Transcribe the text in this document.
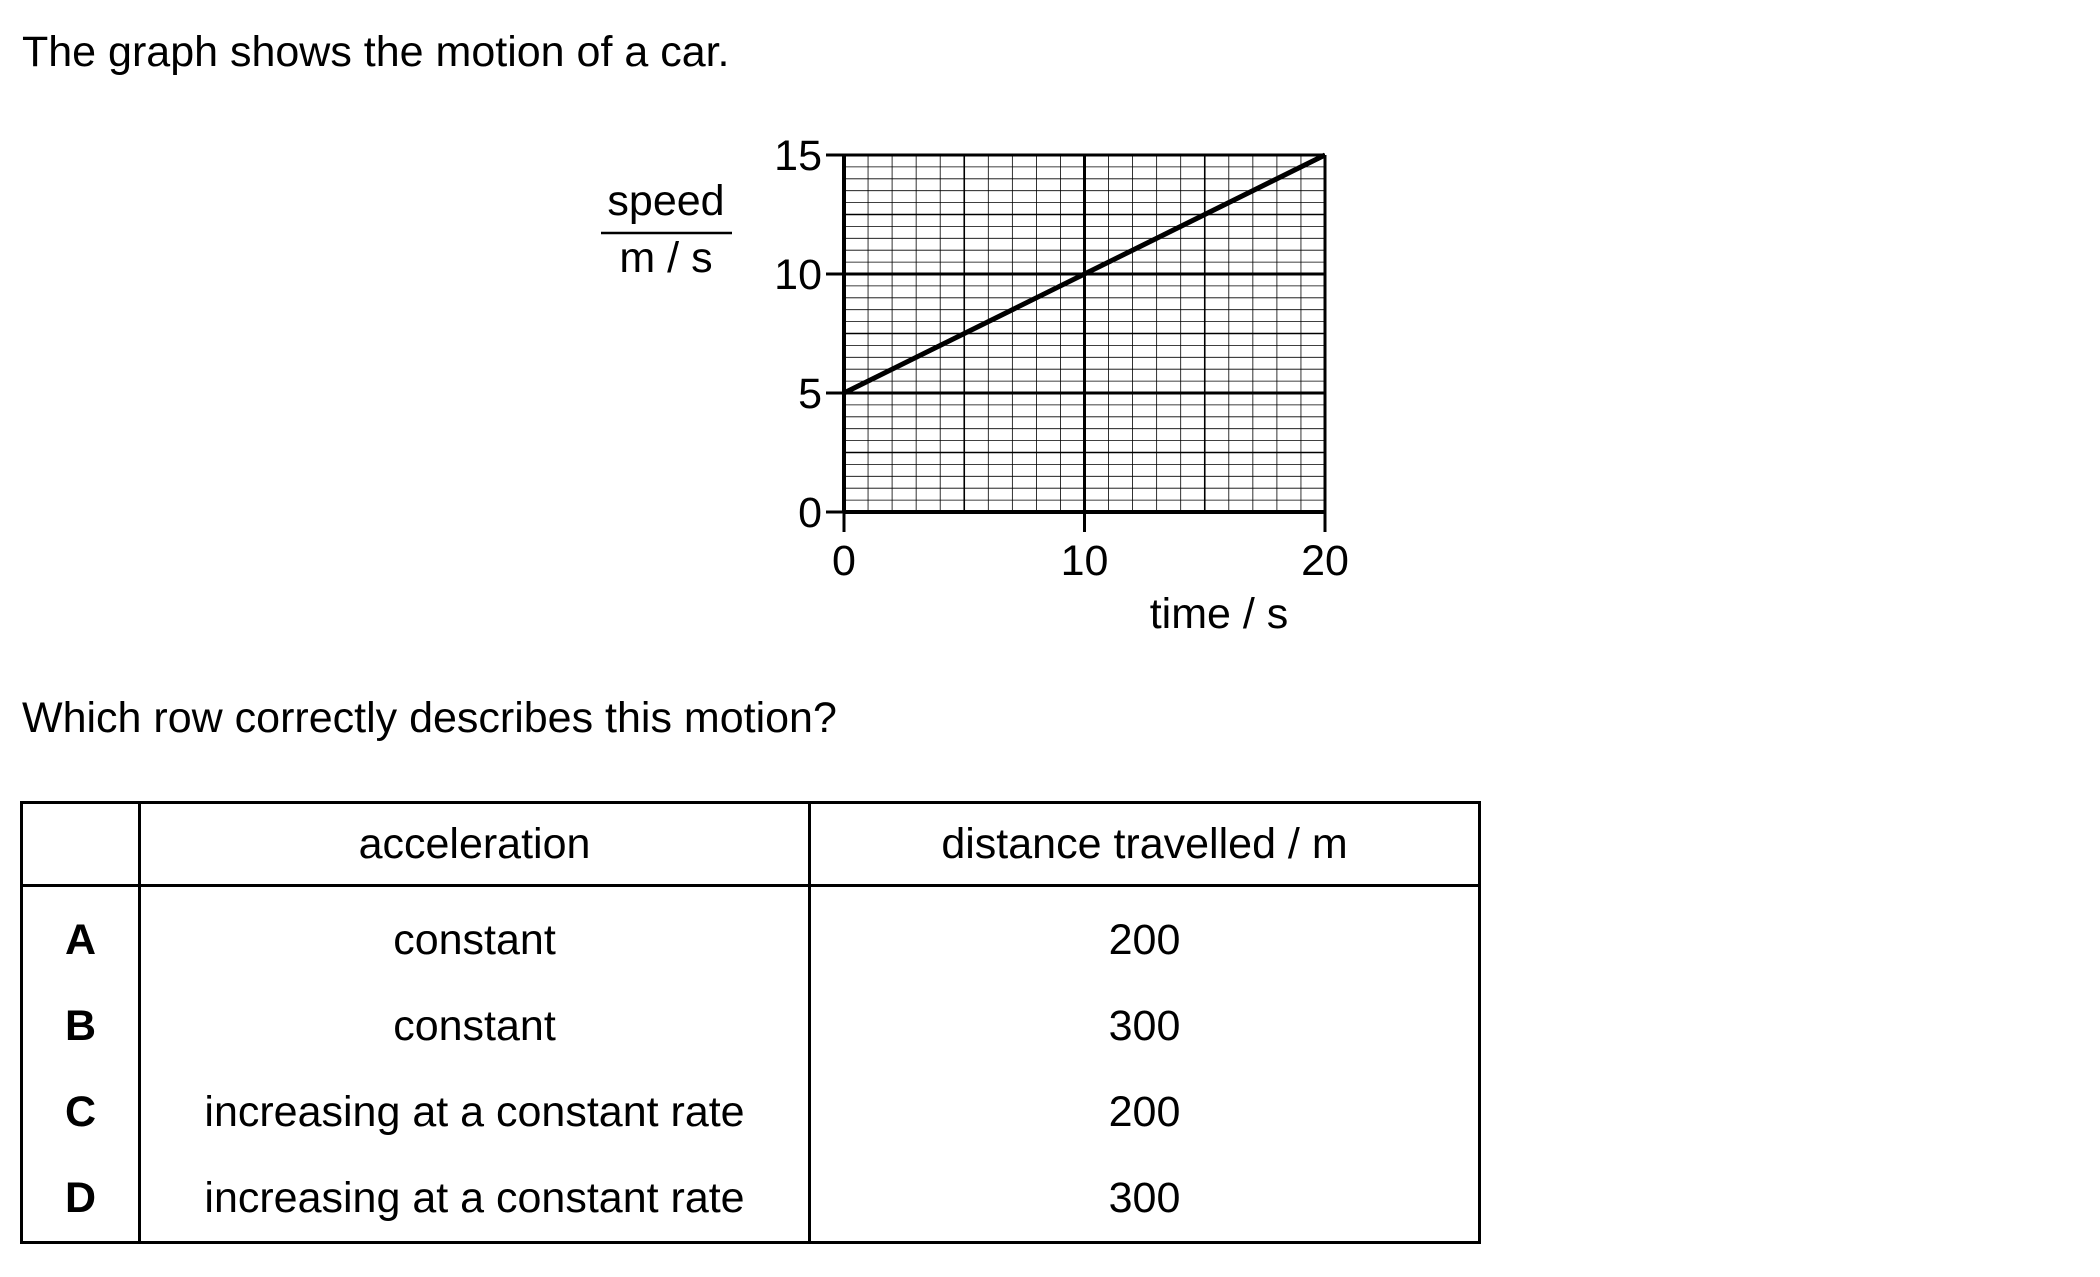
The graph shows the motion of a car.
0
5
10
15
0	10	20
speed
m / s
time / s
Which row correctly describes this motion?
	acceleration	distance travelled / m
A	constant	200
B	constant	300
C	increasing at a constant rate	200
D	increasing at a constant rate	300
